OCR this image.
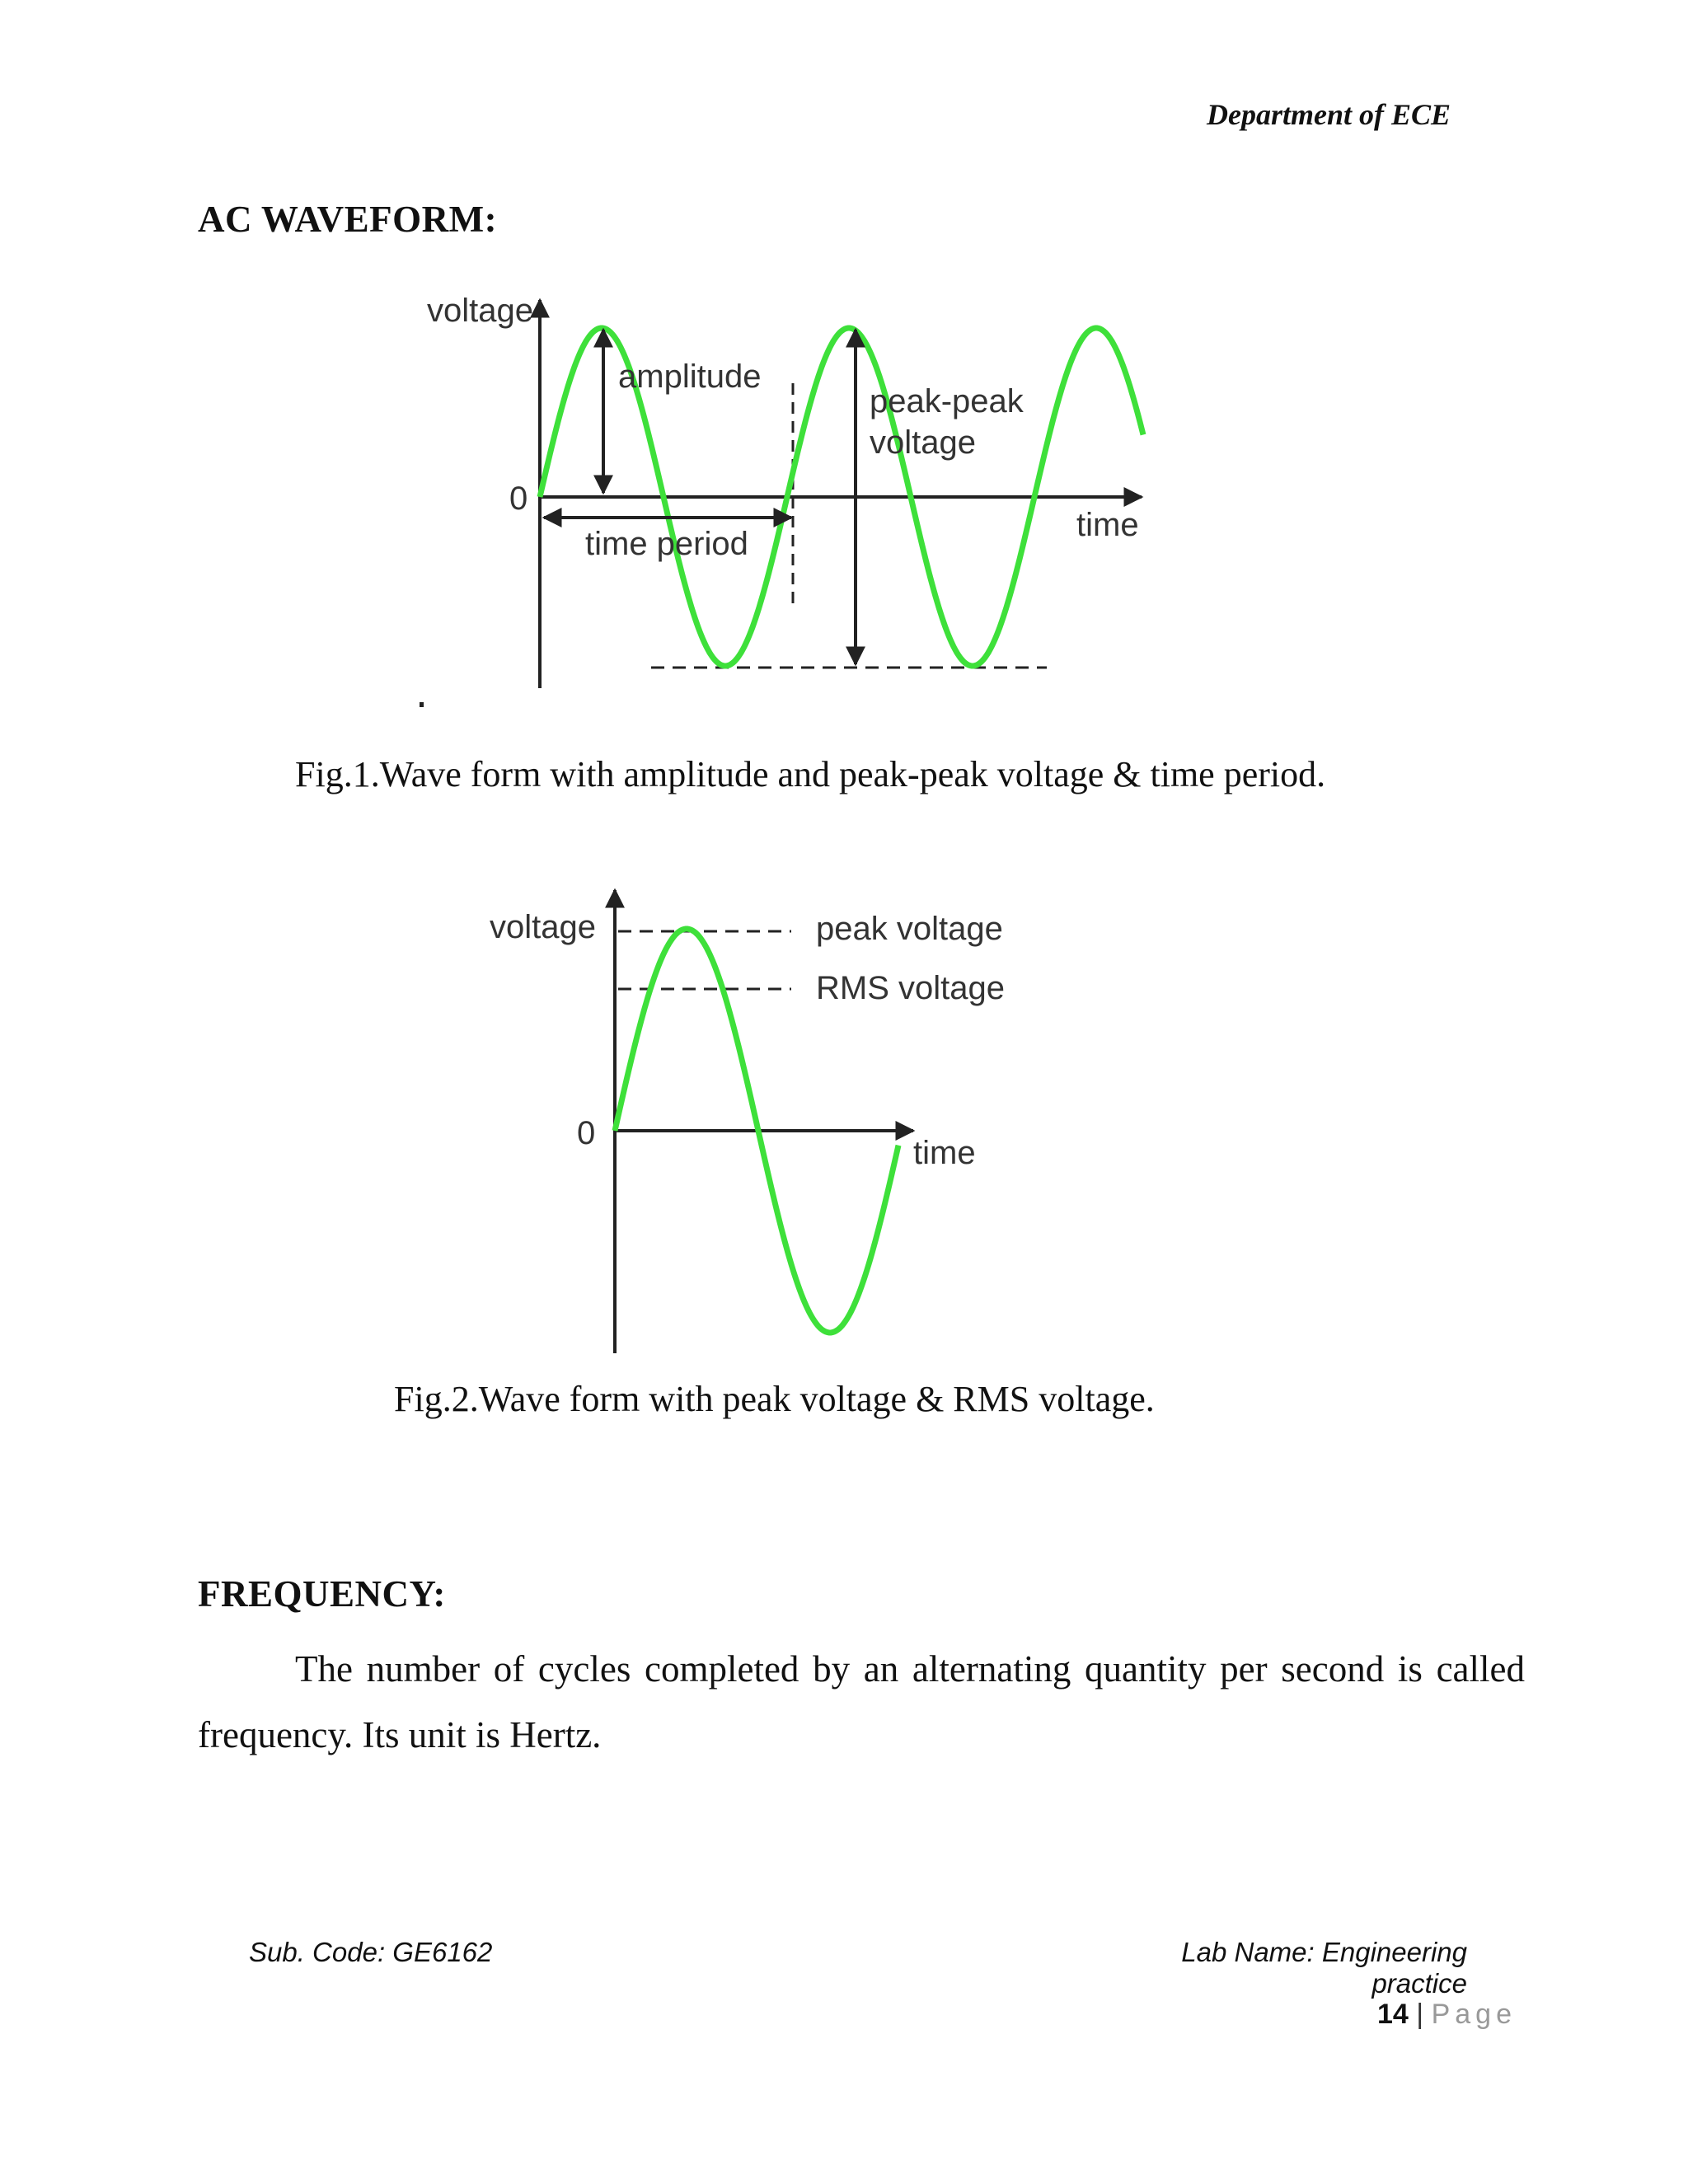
Department of ECE
AC WAVEFORM:
voltage
0
amplitude
peak-peak
voltage
time period
time
Fig.1.Wave form with amplitude and peak-peak voltage & time period.
voltage
0
peak voltage
RMS voltage
time
Fig.2.Wave form with peak voltage & RMS voltage.
FREQUENCY:
The number of cycles completed by an alternating quantity per second is called frequency. Its unit is Hertz.
Sub. Code: GE6162	Lab Name: Engineering practice
14 | Page
